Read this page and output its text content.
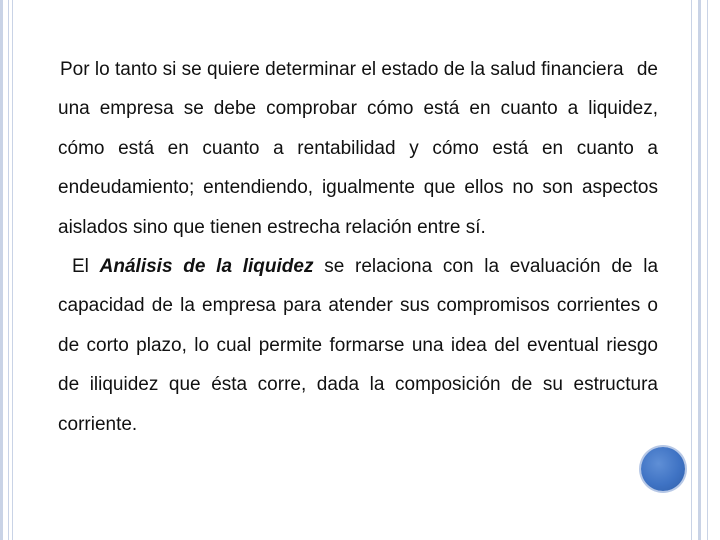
Por lo tanto si se quiere determinar el estado de la salud financiera de una empresa se debe comprobar cómo está en cuanto a liquidez, cómo está en cuanto a rentabilidad y cómo está en cuanto a endeudamiento; entendiendo, igualmente que ellos no son aspectos aislados sino que tienen estrecha relación entre sí.

El Análisis de la liquidez se relaciona con la evaluación de la capacidad de la empresa para atender sus compromisos corrientes o de corto plazo, lo cual permite formarse una idea del eventual riesgo de iliquidez que ésta corre, dada la composición de su estructura corriente.
